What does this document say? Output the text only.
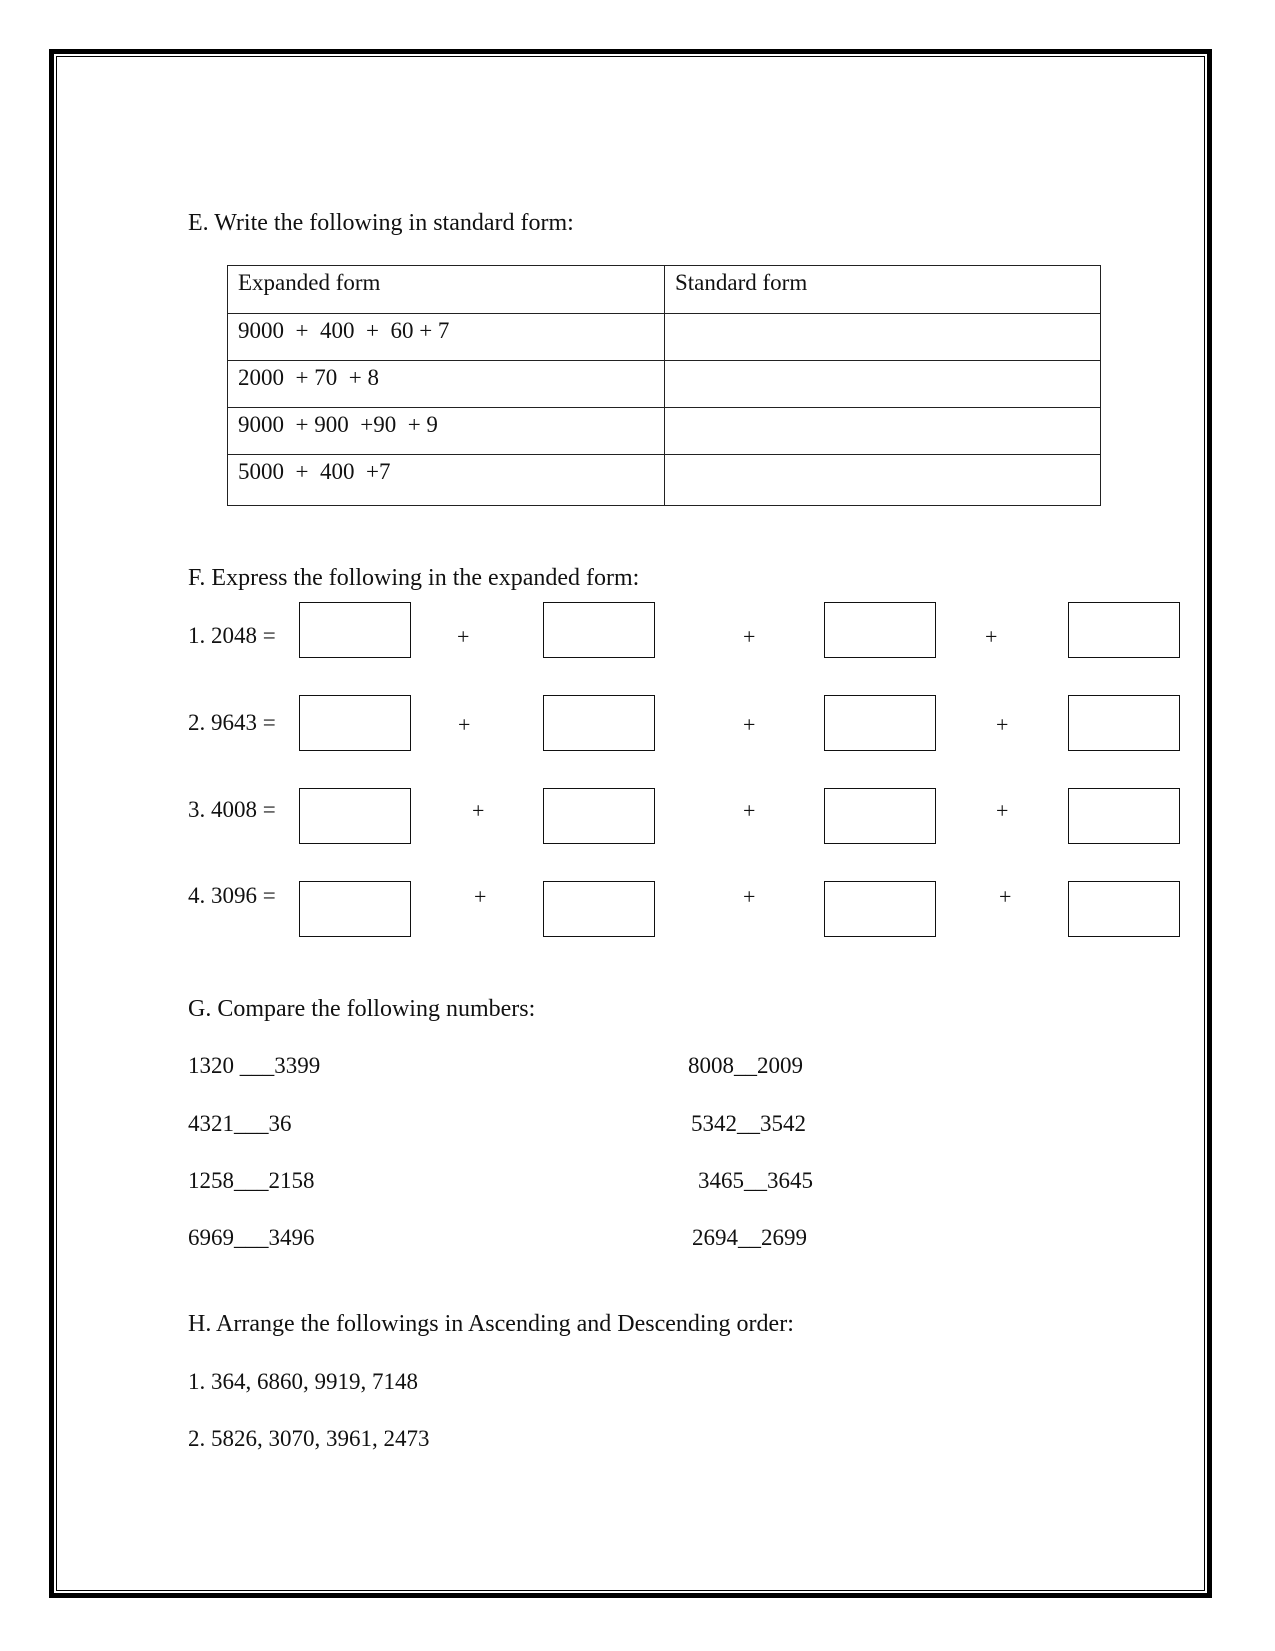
E. Write the following in standard form:
Expanded form	Standard form
9000  +  400  +  60 + 7	
2000  + 70  + 8	
9000  + 900  +90  + 9	
5000  +  400  +7	
F. Express the following in the expanded form:
1. 2048 =	+	+	+
2. 9643 =	+	+	+
3. 4008 =	+	+	+
4. 3096 =	+	+	+
G. Compare the following numbers:
1320 ___3399
4321___36
1258___2158
6969___3496
8008__2009
5342__3542
3465__3645
2694__2699
H. Arrange the followings in Ascending and Descending order:
1. 364, 6860, 9919, 7148
2. 5826, 3070, 3961, 2473
